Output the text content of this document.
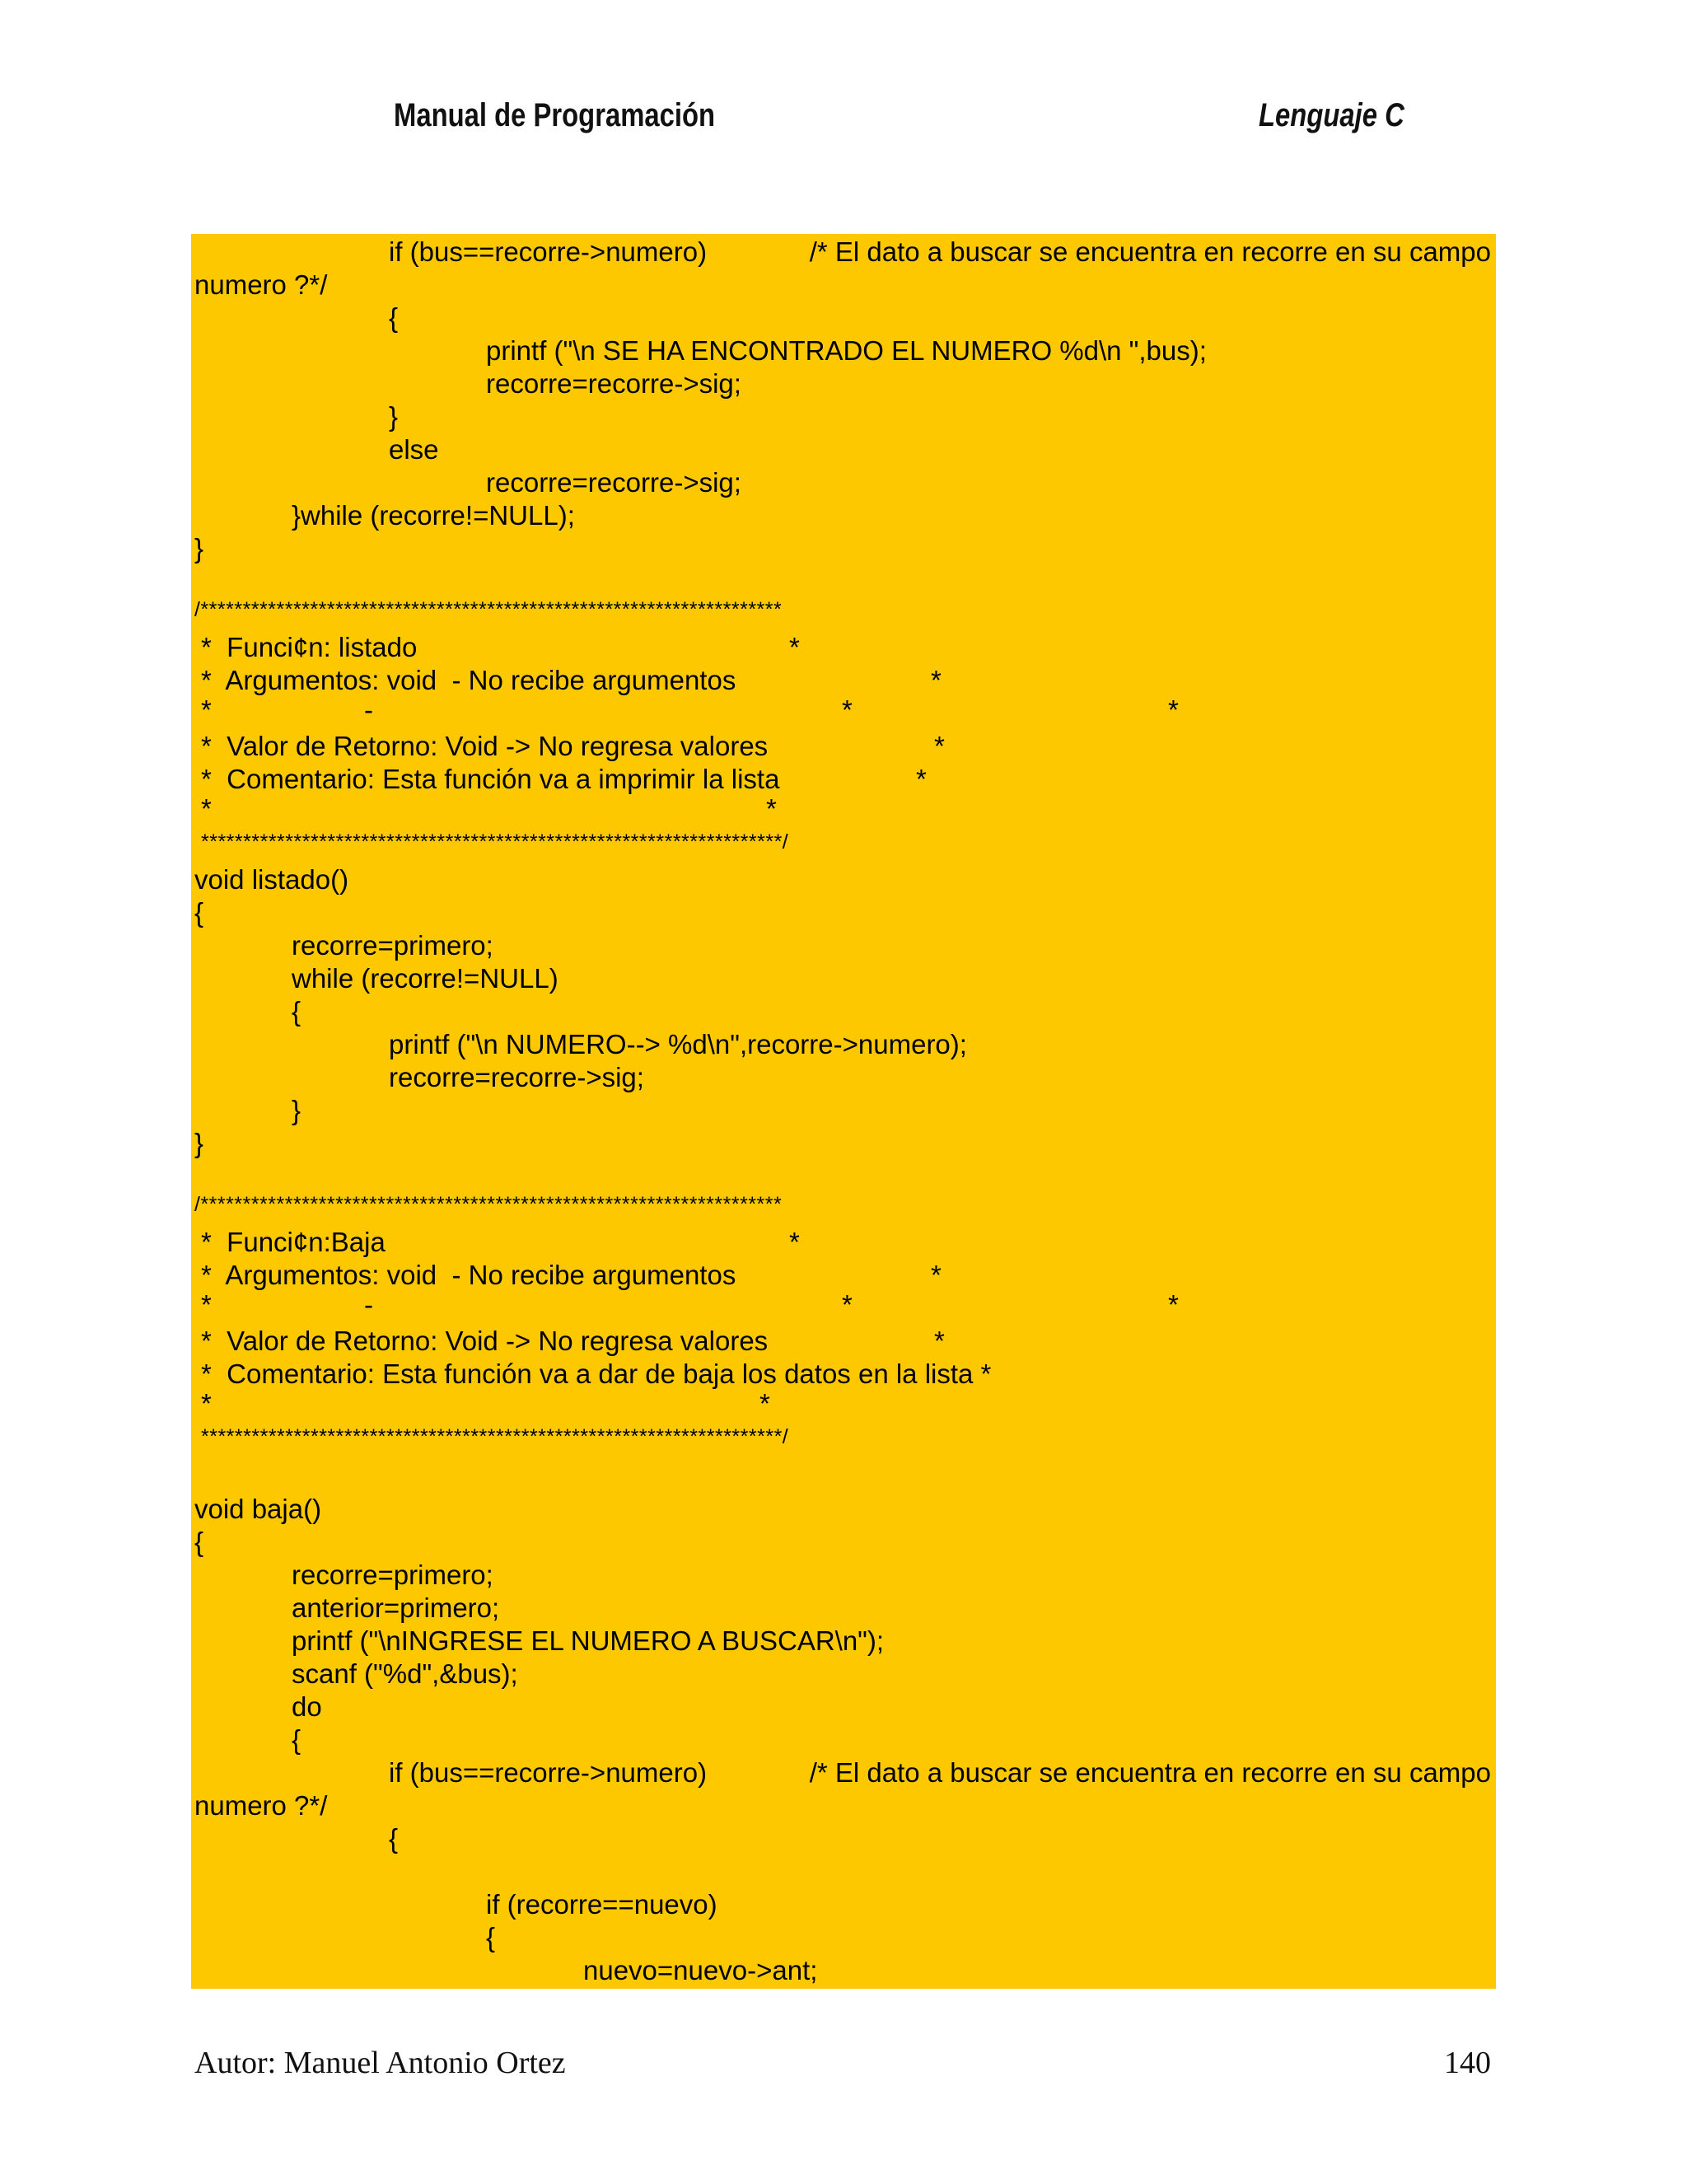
Manual de Programación	Lenguaje C

if (bus==recorre->numero)

	/* El dato a buscar se encuentra en recorre en su campo

numero ?*/

{

printf ("\n SE HA ENCONTRADO EL NUMERO %d\n ",bus);

recorre=recorre->sig;

}

else

recorre=recorre->sig;

}while (recorre!=NULL);

}

/*********************************************************************

*  Funci¢n: listado

	*

*  Argumentos: void  - No recibe argumentos

	*

*

	-

	*

	*

*  Valor de Retorno: Void -> No regresa valores

	*

*  Comentario: Esta función va a imprimir la lista

	*

*

	*

*********************************************************************/

void listado()

{

recorre=primero;

while (recorre!=NULL)

{

printf ("\n NUMERO--> %d\n",recorre->numero);

recorre=recorre->sig;

}

}

/*********************************************************************

*  Funci¢n:Baja

	*

*  Argumentos: void  - No recibe argumentos

	*

*

	-

	*

	*

*  Valor de Retorno: Void -> No regresa valores

	*

*  Comentario: Esta función va a dar de baja los datos en la lista *

*

	*

*********************************************************************/

void baja()

{

recorre=primero;

anterior=primero;

printf ("\nINGRESE EL NUMERO A BUSCAR\n");

scanf ("%d",&bus);

do

{

if (bus==recorre->numero)

	/* El dato a buscar se encuentra en recorre en su campo

numero ?*/

{

if (recorre==nuevo)

{

nuevo=nuevo->ant;

Autor: Manuel Antonio Ortez	140
